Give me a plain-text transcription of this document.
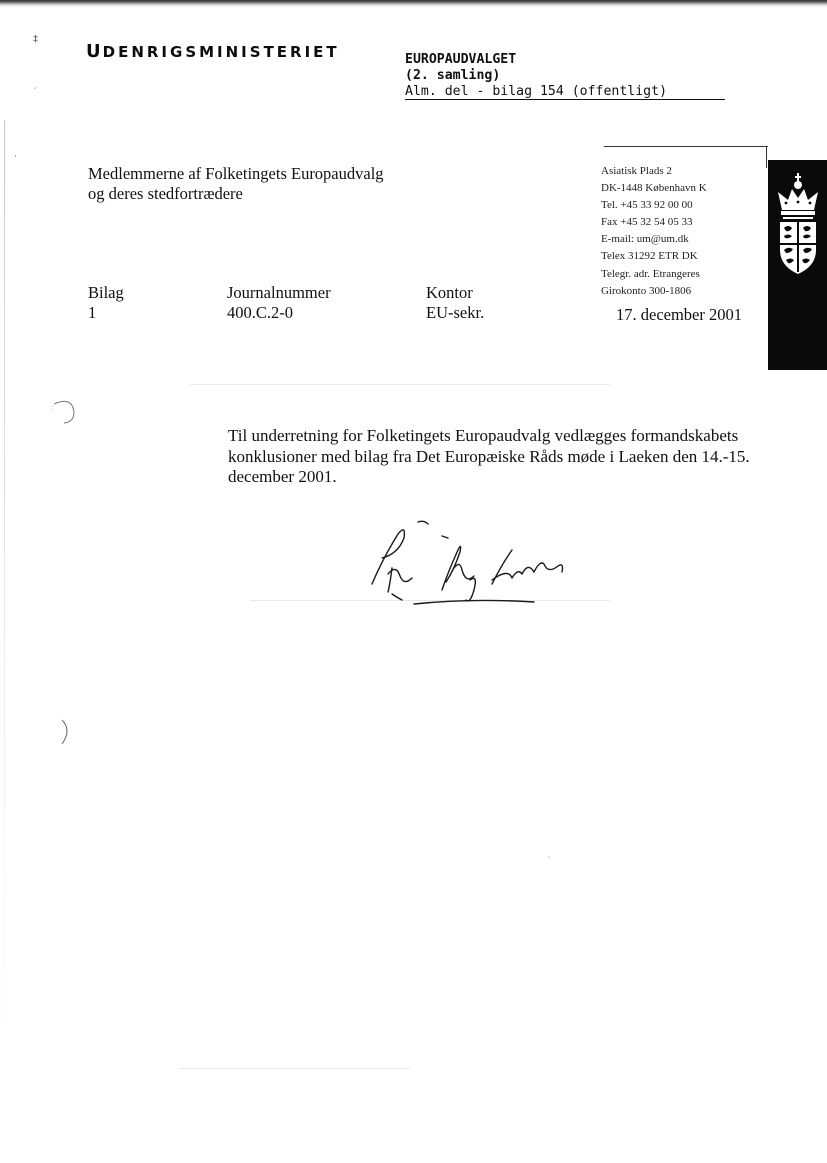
‡
′
·
UDENRIGSMINISTERIET	EUROPAUDVALGET
(2. samling)
Alm. del - bilag 154 (offentligt)
Medlemmerne af Folketingets Europaudvalg
og deres stedfortrædere
Asiatisk Plads 2
DK-1448 København K
Tel. +45 33 92 00 00
Fax +45 32 54 05 33
E-mail: um@um.dk
Telex 31292 ETR DK
Telegr. adr. Etrangeres
Girokonto 300-1806
Bilag
1
Journalnummer
400.C.2-0
Kontor
EU-sekr.	17. december 2001
Til underretning for Folketingets Europaudvalg vedlægges formandskabets konklusioner med bilag fra Det Europæiske Råds møde i Laeken den 14.-15. december 2001.
′
